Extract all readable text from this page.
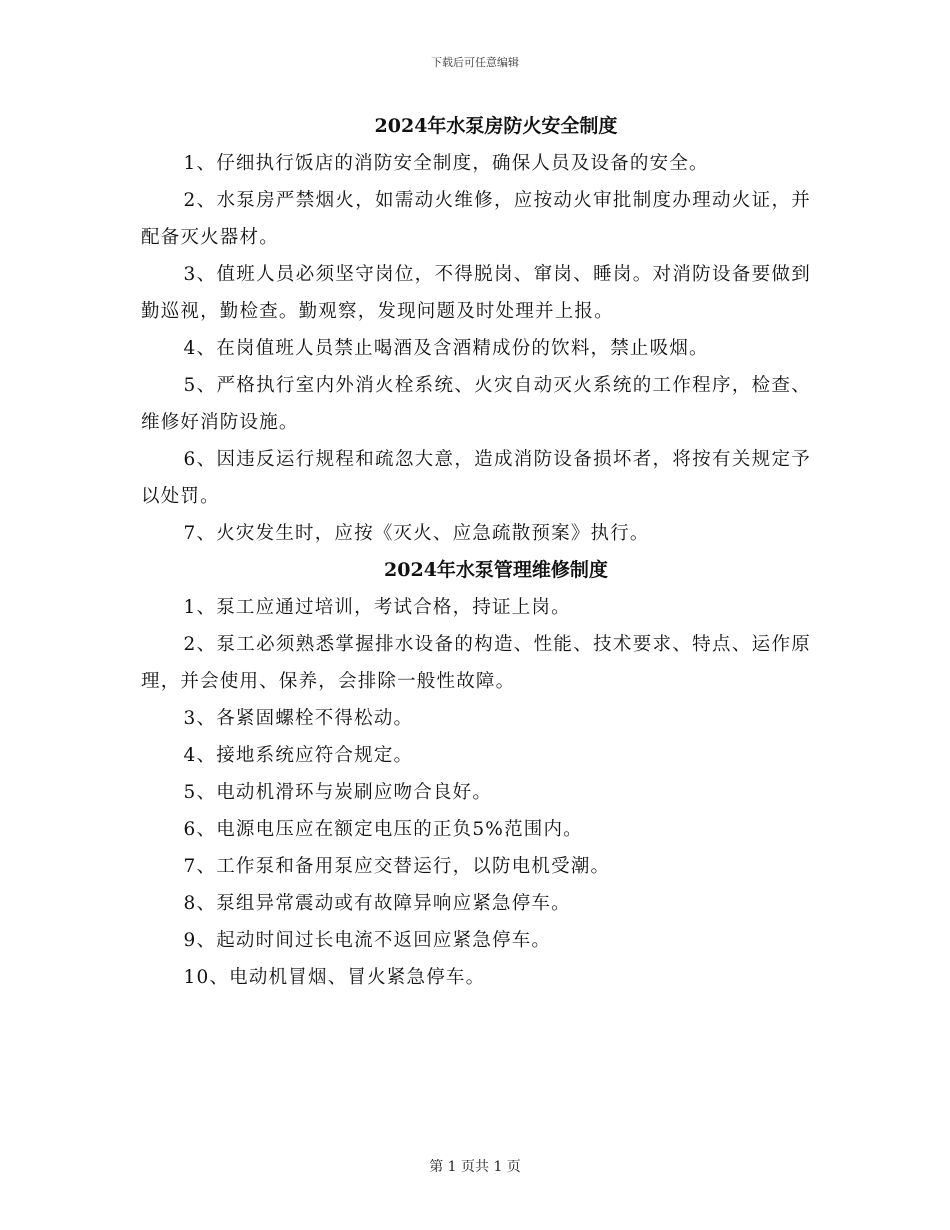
下载后可任意编辑
2024年水泵房防火安全制度

1、仔细执行饭店的消防安全制度，确保人员及设备的安全。

2、水泵房严禁烟火，如需动火维修，应按动火审批制度办理动火证，并配备灭火器材。

3、值班人员必须坚守岗位，不得脱岗、窜岗、睡岗。对消防设备要做到勤巡视，勤检查。勤观察，发现问题及时处理并上报。

4、在岗值班人员禁止喝酒及含酒精成份的饮料，禁止吸烟。

5、严格执行室内外消火栓系统、火灾自动灭火系统的工作程序，检查、维修好消防设施。

6、因违反运行规程和疏忽大意，造成消防设备损坏者，将按有关规定予以处罚。

7、火灾发生时，应按《灭火、应急疏散预案》执行。

2024年水泵管理维修制度

1、泵工应通过培训，考试合格，持证上岗。

2、泵工必须熟悉掌握排水设备的构造、性能、技术要求、特点、运作原理，并会使用、保养，会排除一般性故障。

3、各紧固螺栓不得松动。

4、接地系统应符合规定。

5、电动机滑环与炭刷应吻合良好。

6、电源电压应在额定电压的正负5%范围内。

7、工作泵和备用泵应交替运行，以防电机受潮。

8、泵组异常震动或有故障异响应紧急停车。

9、起动时间过长电流不返回应紧急停车。

10、电动机冒烟、冒火紧急停车。

第 1 页共 1 页
